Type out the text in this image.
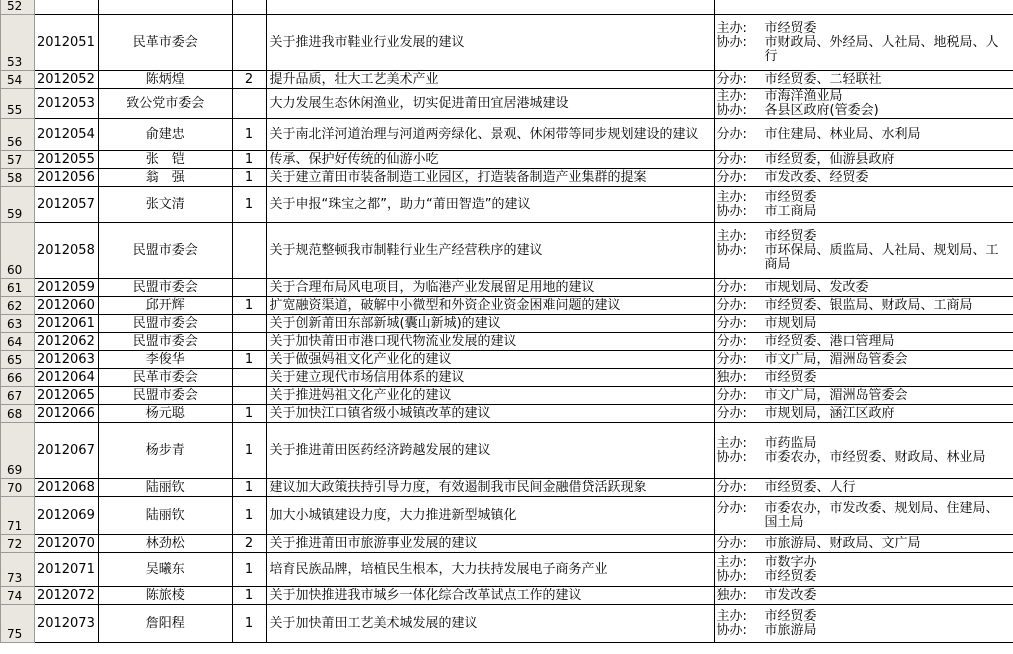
52					

53	2012051	民革市委会		关于推进我市鞋业行业发展的建议	主办: 市经贸委
协办: 市财政局、外经局、人社局、地税局、人行

54	2012052	陈炳煌	2	提升品质，壮大工艺美术产业	分办: 市经贸委、二轻联社

55	2012053	致公党市委会		大力发展生态休闲渔业，切实促进莆田宜居港城建设	主办: 市海洋渔业局
协办: 各县区政府(管委会)

56	2012054	俞建忠	1	关于南北洋河道治理与河道两旁绿化、景观、休闲带等同步规划建设的建议	分办: 市住建局、林业局、水利局

57	2012055	张　铠	1	传承、保护好传统的仙游小吃	分办: 市经贸委，仙游县政府

58	2012056	翁　强	1	关于建立莆田市装备制造工业园区，打造装备制造产业集群的提案	分办: 市发改委、经贸委

59	2012057	张文清	1	关于申报“珠宝之都”，助力“莆田智造”的建议	主办: 市经贸委
协办: 市工商局

60	2012058	民盟市委会		关于规范整顿我市制鞋行业生产经营秩序的建议	主办: 市经贸委
协办: 市环保局、质监局、人社局、规划局、工商局

61	2012059	民盟市委会		关于合理布局风电项目，为临港产业发展留足用地的建议	分办: 市规划局、发改委

62	2012060	邱开辉	1	扩宽融资渠道，破解中小微型和外资企业资金困难问题的建议	分办: 市经贸委、银监局、财政局、工商局

63	2012061	民盟市委会		关于创新莆田东部新城(囊山新城)的建议	分办: 市规划局

64	2012062	民盟市委会		关于加快莆田市港口现代物流业发展的建议	分办: 市经贸委、港口管理局

65	2012063	李俊华	1	关于做强妈祖文化产业化的建议	分办: 市文广局，湄洲岛管委会

66	2012064	民革市委会		关于建立现代市场信用体系的建议	独办: 市经贸委

67	2012065	民盟市委会		关于推进妈祖文化产业化的建议	分办: 市文广局，湄洲岛管委会

68	2012066	杨元聪	1	关于加快江口镇省级小城镇改革的建议	分办: 市规划局，涵江区政府

69	2012067	杨步青	1	关于推进莆田医药经济跨越发展的建议	主办: 市药监局
协办: 市委农办，市经贸委、财政局、林业局

70	2012068	陆丽钦	1	建议加大政策扶持引导力度，有效遏制我市民间金融借贷活跃现象	分办: 市经贸委、人行

71	2012069	陆丽钦	1	加大小城镇建设力度，大力推进新型城镇化	分办: 市委农办，市发改委、规划局、住建局、国土局

72	2012070	林劲松	2	关于推进莆田市旅游事业发展的建议	分办: 市旅游局、财政局、文广局

73	2012071	吴曦东	1	培育民族品牌，培植民生根本，大力扶持发展电子商务产业	主办: 市数字办
协办: 市经贸委

74	2012072	陈旅棱	1	关于加快推进我市城乡一体化综合改革试点工作的建议	独办: 市发改委

75	2012073	詹阳程	1	关于加快莆田工艺美术城发展的建议	主办: 市经贸委
协办: 市旅游局
